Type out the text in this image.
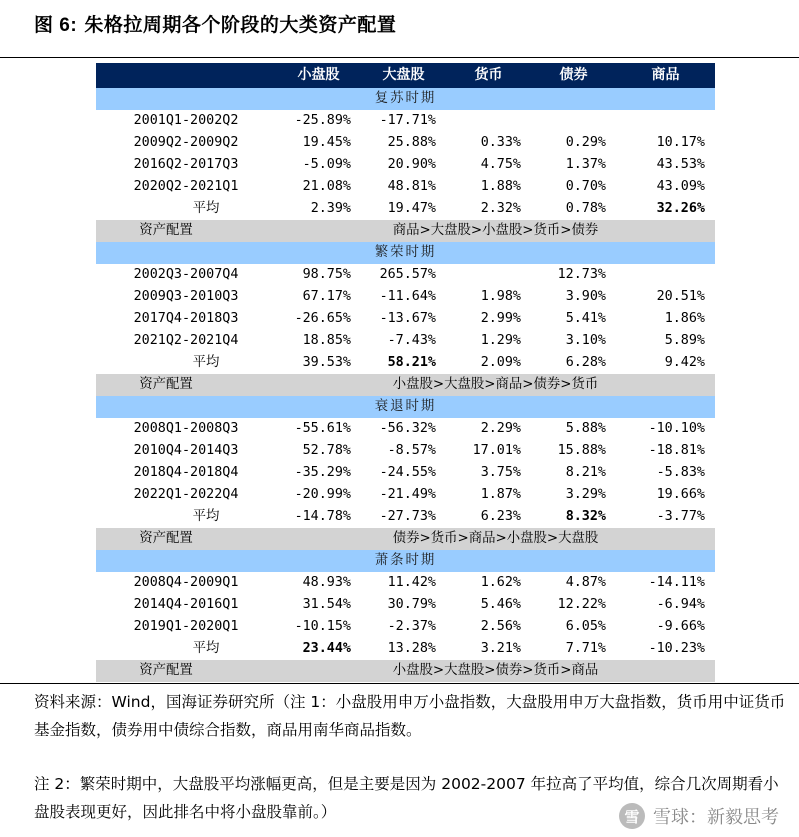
图 6: 朱格拉周期各个阶段的大类资产配置
	小盘股	大盘股	货币	债券	商品
复苏时期					
2001Q1-2002Q2	-25.89%	-17.71%			
2009Q2-2009Q2	19.45%	25.88%	0.33%	0.29%	10.17%
2016Q2-2017Q3	-5.09%	20.90%	4.75%	1.37%	43.53%
2020Q2-2021Q1	21.08%	48.81%	1.88%	0.70%	43.09%
平均	2.39%	19.47%	2.32%	0.78%	32.26%
资产配置	商品>大盘股>小盘股>货币>债券				
繁荣时期					
2002Q3-2007Q4	98.75%	265.57%		12.73%	
2009Q3-2010Q3	67.17%	-11.64%	1.98%	3.90%	20.51%
2017Q4-2018Q3	-26.65%	-13.67%	2.99%	5.41%	1.86%
2021Q2-2021Q4	18.85%	-7.43%	1.29%	3.10%	5.89%
平均	39.53%	58.21%	2.09%	6.28%	9.42%
资产配置	小盘股>大盘股>商品>债券>货币				
衰退时期					
2008Q1-2008Q3	-55.61%	-56.32%	2.29%	5.88%	-10.10%
2010Q4-2014Q3	52.78%	-8.57%	17.01%	15.88%	-18.81%
2018Q4-2018Q4	-35.29%	-24.55%	3.75%	8.21%	-5.83%
2022Q1-2022Q4	-20.99%	-21.49%	1.87%	3.29%	19.66%
平均	-14.78%	-27.73%	6.23%	8.32%	-3.77%
资产配置	债券>货币>商品>小盘股>大盘股				
萧条时期					
2008Q4-2009Q1	48.93%	11.42%	1.62%	4.87%	-14.11%
2014Q4-2016Q1	31.54%	30.79%	5.46%	12.22%	-6.94%
2019Q1-2020Q1	-10.15%	-2.37%	2.56%	6.05%	-9.66%
平均	23.44%	13.28%	3.21%	7.71%	-10.23%
资产配置	小盘股>大盘股>债券>货币>商品				
资料来源：Wind，国海证券研究所（注 1：小盘股用申万小盘指数，大盘股用申万大盘指数，货币用中证货币基金指数，债券用中债综合指数，商品用南华商品指数。
注 2：繁荣时期中，大盘股平均涨幅更高，但是主要是因为 2002-2007 年拉高了平均值，综合几次周期看小盘股表现更好，因此排名中将小盘股靠前。）	雪 雪球：新毅思考
